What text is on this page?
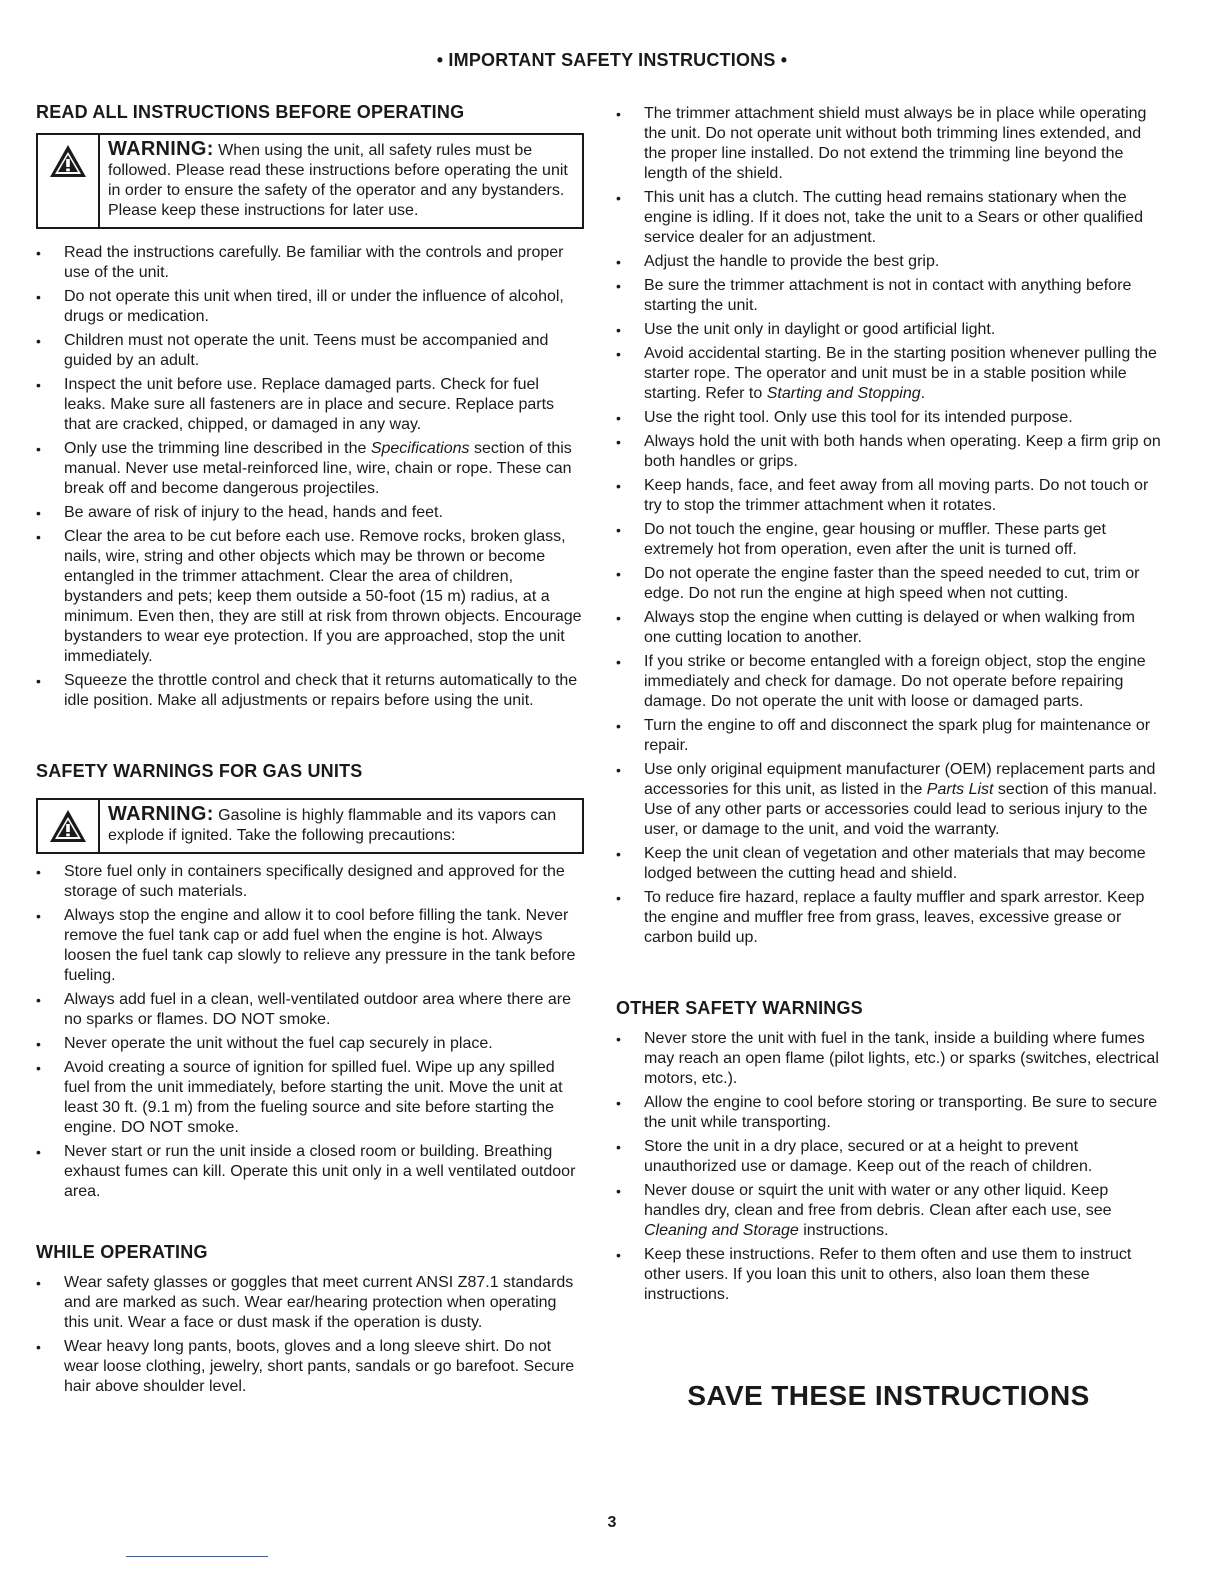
• IMPORTANT SAFETY INSTRUCTIONS •
READ ALL INSTRUCTIONS BEFORE OPERATING
WARNING: When using the unit, all safety rules must be followed. Please read these instructions before operating the unit in order to ensure the safety of the operator and any bystanders. Please keep these instructions for later use.
• Read the instructions carefully. Be familiar with the controls and proper use of the unit.
• Do not operate this unit when tired, ill or under the influence of alcohol, drugs or medication.
• Children must not operate the unit. Teens must be accompanied and guided by an adult.
• Inspect the unit before use. Replace damaged parts. Check for fuel leaks. Make sure all fasteners are in place and secure. Replace parts that are cracked, chipped, or damaged in any way.
• Only use the trimming line described in the Specifications section of this manual. Never use metal-reinforced line, wire, chain or rope. These can break off and become dangerous projectiles.
• Be aware of risk of injury to the head, hands and feet.
• Clear the area to be cut before each use. Remove rocks, broken glass, nails, wire, string and other objects which may be thrown or become entangled in the trimmer attachment. Clear the area of children, bystanders and pets; keep them outside a 50-foot (15 m) radius, at a minimum. Even then, they are still at risk from thrown objects. Encourage bystanders to wear eye protection. If you are approached, stop the unit immediately.
• Squeeze the throttle control and check that it returns automatically to the idle position. Make all adjustments or repairs before using the unit.
SAFETY WARNINGS FOR GAS UNITS
WARNING: Gasoline is highly flammable and its vapors can explode if ignited. Take the following precautions:
• Store fuel only in containers specifically designed and approved for the storage of such materials.
• Always stop the engine and allow it to cool before filling the tank. Never remove the fuel tank cap or add fuel when the engine is hot. Always loosen the fuel tank cap slowly to relieve any pressure in the tank before fueling.
• Always add fuel in a clean, well-ventilated outdoor area where there are no sparks or flames. DO NOT smoke.
• Never operate the unit without the fuel cap securely in place.
• Avoid creating a source of ignition for spilled fuel. Wipe up any spilled fuel from the unit immediately, before starting the unit. Move the unit at least 30 ft. (9.1 m) from the fueling source and site before starting the engine. DO NOT smoke.
• Never start or run the unit inside a closed room or building. Breathing exhaust fumes can kill. Operate this unit only in a well ventilated outdoor area.
WHILE OPERATING
• Wear safety glasses or goggles that meet current ANSI Z87.1 standards and are marked as such. Wear ear/hearing protection when operating this unit. Wear a face or dust mask if the operation is dusty.
• Wear heavy long pants, boots, gloves and a long sleeve shirt. Do not wear loose clothing, jewelry, short pants, sandals or go barefoot. Secure hair above shoulder level.
• The trimmer attachment shield must always be in place while operating the unit. Do not operate unit without both trimming lines extended, and the proper line installed. Do not extend the trimming line beyond the length of the shield.
• This unit has a clutch. The cutting head remains stationary when the engine is idling. If it does not, take the unit to a Sears or other qualified service dealer for an adjustment.
• Adjust the handle to provide the best grip.
• Be sure the trimmer attachment is not in contact with anything before starting the unit.
• Use the unit only in daylight or good artificial light.
• Avoid accidental starting. Be in the starting position whenever pulling the starter rope. The operator and unit must be in a stable position while starting. Refer to Starting and Stopping.
• Use the right tool. Only use this tool for its intended purpose.
• Always hold the unit with both hands when operating. Keep a firm grip on both handles or grips.
• Keep hands, face, and feet away from all moving parts. Do not touch or try to stop the trimmer attachment when it rotates.
• Do not touch the engine, gear housing or muffler. These parts get extremely hot from operation, even after the unit is turned off.
• Do not operate the engine faster than the speed needed to cut, trim or edge. Do not run the engine at high speed when not cutting.
• Always stop the engine when cutting is delayed or when walking from one cutting location to another.
• If you strike or become entangled with a foreign object, stop the engine immediately and check for damage. Do not operate before repairing damage. Do not operate the unit with loose or damaged parts.
• Turn the engine to off and disconnect the spark plug for maintenance or repair.
• Use only original equipment manufacturer (OEM) replacement parts and accessories for this unit, as listed in the Parts List section of this manual. Use of any other parts or accessories could lead to serious injury to the user, or damage to the unit, and void the warranty.
• Keep the unit clean of vegetation and other materials that may become lodged between the cutting head and shield.
• To reduce fire hazard, replace a faulty muffler and spark arrestor. Keep the engine and muffler free from grass, leaves, excessive grease or carbon build up.
OTHER SAFETY WARNINGS
• Never store the unit with fuel in the tank, inside a building where fumes may reach an open flame (pilot lights, etc.) or sparks (switches, electrical motors, etc.).
• Allow the engine to cool before storing or transporting. Be sure to secure the unit while transporting.
• Store the unit in a dry place, secured or at a height to prevent unauthorized use or damage. Keep out of the reach of children.
• Never douse or squirt the unit with water or any other liquid. Keep handles dry, clean and free from debris. Clean after each use, see Cleaning and Storage instructions.
• Keep these instructions. Refer to them often and use them to instruct other users. If you loan this unit to others, also loan them these instructions.
SAVE THESE INSTRUCTIONS
3
